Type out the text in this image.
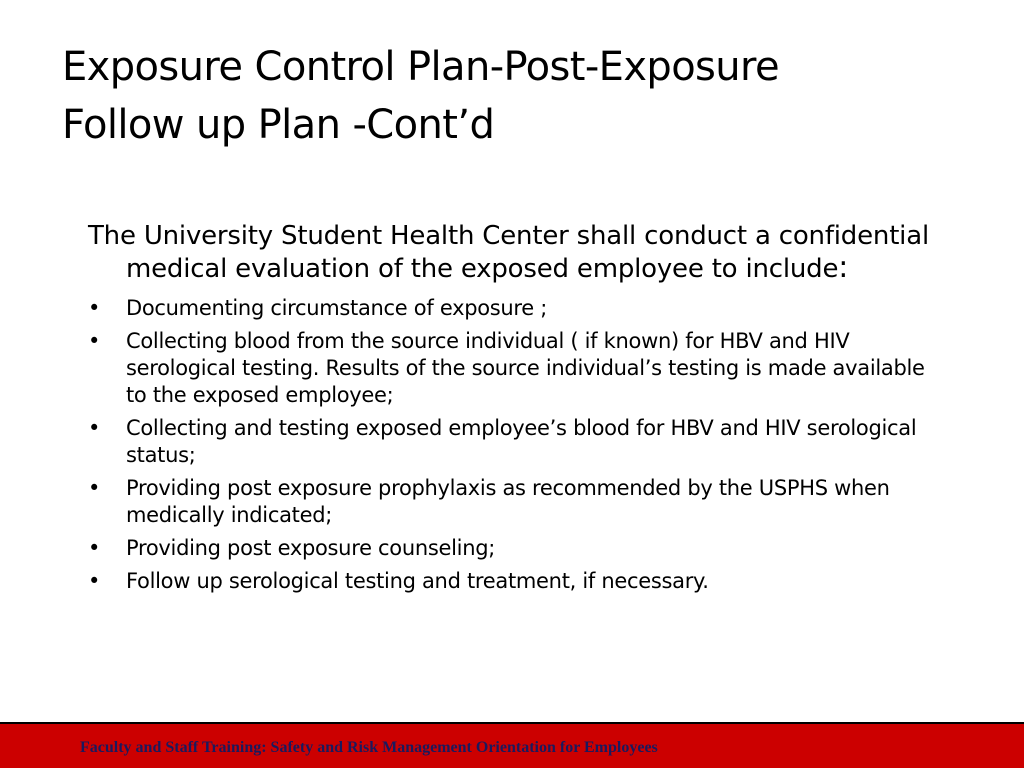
Exposure Control Plan-Post-Exposure
Follow up Plan -Cont’d

The University Student Health Center shall conduct a confidential medical evaluation of the exposed employee to include:

• Documenting circumstance of exposure ;
• Collecting blood from the source individual ( if known) for HBV and HIV serological testing. Results of the source individual’s testing is made available to the exposed employee;
• Collecting and testing exposed employee’s blood for HBV and HIV serological status;
• Providing post exposure prophylaxis as recommended by the USPHS when medically indicated;
• Providing post exposure counseling;
• Follow up serological testing and treatment, if necessary.
Faculty and Staff Training: Safety and Risk Management Orientation for Employees
